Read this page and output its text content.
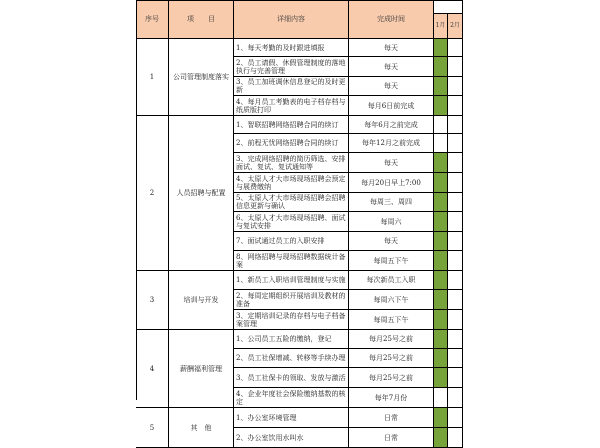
序号	项　　目	详细内容	完成时间
1月 2月
1	公司管理制度落实
1、每天考勤的及时跟进填报	每天
2、员工请假、休假管理制度的落地执行与完善管理	每天
3、员工加班调休信息登记的及时更新	每天
4、每月员工考勤表的电子档存档与纸质版打印	每月6日前完成
2	人员招聘与配置
1、智联招聘网络招聘合同的续订	每年6月之前完成
2、前程无忧网络招聘合同的续订	每年12月之前完成
3、完成网络招聘的简历筛选、安排面试、复试、复试通知等	每天
4、太原人才大市场现场招聘会预定与展费缴纳	每月20日早上7:00
5、太原人才大市场现场招聘会招聘信息更新与确认	每周三、周四
6、太原人才大市场现场招聘、面试与复试安排	每周六
7、面试通过员工的入职安排	每天
8、网络招聘与现场招聘数据统计备案	每周五下午
3	培训与开发
1、新员工入职培训管理制度与实施	每次新员工入职
2、每周定期组织开展培训及教材的准备	每周六下午
3、定期培训记录的存档与电子档备案管理	每周五下午
4	薪酬福利管理
1、公司员工五险的缴纳，登记	每月25号之前
2、员工社保增减、转移等手续办理	每月25号之前
3、员工社保卡的领取、发放与激活	每月25号之前
4、企业年度社会保险缴纳基数的核定	每年7月份
5	其　他
1、办公室环境管理	日常
2、办公室饮用水叫水	日常
